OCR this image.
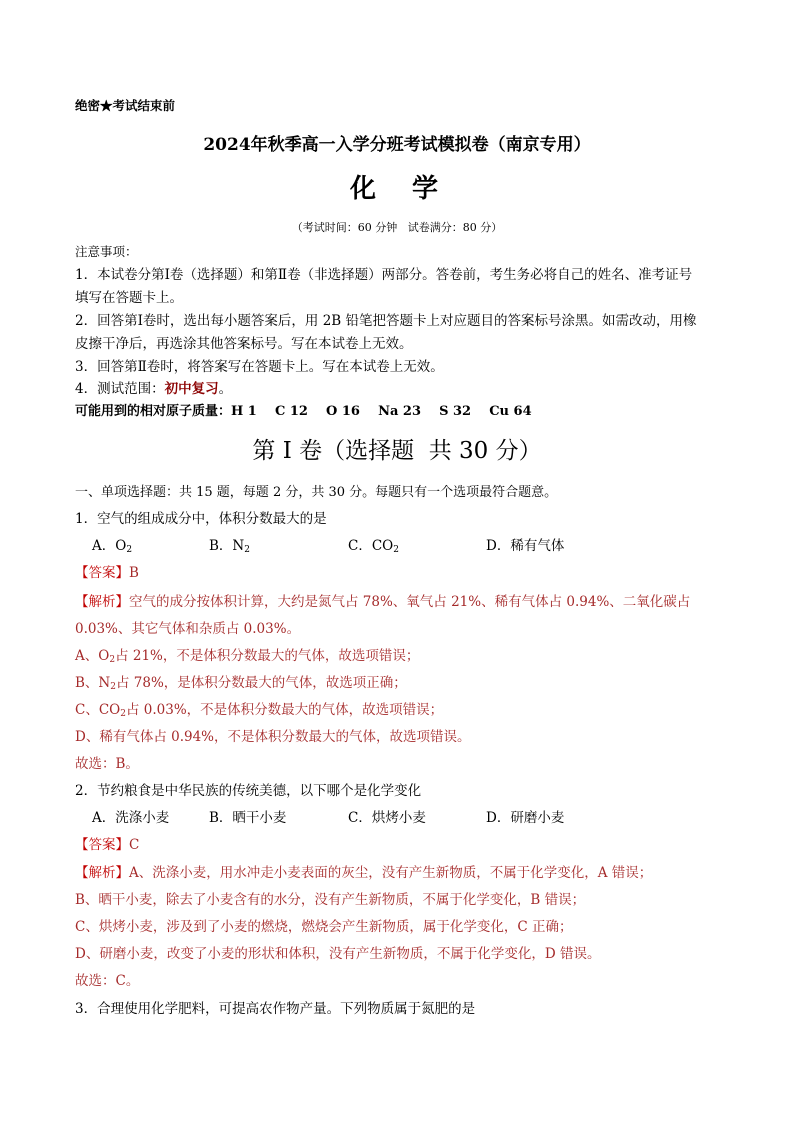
绝密★考试结束前
2024年秋季高一入学分班考试模拟卷（南京专用）
化  学
（考试时间：60 分钟   试卷满分：80 分）
注意事项：
1．本试卷分第Ⅰ卷（选择题）和第Ⅱ卷（非选择题）两部分。答卷前，考生务必将自己的姓名、准考证号
填写在答题卡上。
2．回答第Ⅰ卷时，选出每小题答案后，用 2B 铅笔把答题卡上对应题目的答案标号涂黑。如需改动，用橡
皮擦干净后，再选涂其他答案标号。写在本试卷上无效。
3．回答第Ⅱ卷时，将答案写在答题卡上。写在本试卷上无效。
4．测试范围：初中复习。
可能用到的相对原子质量：H 1    C 12    O 16    Na 23    S 32    Cu 64
第 I 卷（选择题  共 30 分）
一、单项选择题：共 15 题，每题 2 分，共 30 分。每题只有一个选项最符合题意。
1．空气的组成成分中，体积分数最大的是
A．$O_2$	B．$N_2$	C．$CO_2$	D．稀有气体
【答案】B
【解析】空气的成分按体积计算，大约是氮气占 78%、氧气占 21%、稀有气体占 0.94%、二氧化碳占
0.03%、其它气体和杂质占 0.03%。
A、$O_2$占 21%，不是体积分数最大的气体，故选项错误；
B、$N_2$占 78%，是体积分数最大的气体，故选项正确；
C、$CO_2$占 0.03%，不是体积分数最大的气体，故选项错误；
D、稀有气体占 0.94%，不是体积分数最大的气体，故选项错误。
故选：B。
2．节约粮食是中华民族的传统美德，以下哪个是化学变化
A．洗涤小麦	B．晒干小麦	C．烘烤小麦	D．研磨小麦
【答案】C
【解析】A、洗涤小麦，用水冲走小麦表面的灰尘，没有产生新物质，不属于化学变化，A 错误；
B、晒干小麦，除去了小麦含有的水分，没有产生新物质，不属于化学变化，B 错误；
C、烘烤小麦，涉及到了小麦的燃烧，燃烧会产生新物质，属于化学变化，C 正确；
D、研磨小麦，改变了小麦的形状和体积，没有产生新物质，不属于化学变化，D 错误。
故选：C。
3．合理使用化学肥料，可提高农作物产量。下列物质属于氮肥的是
